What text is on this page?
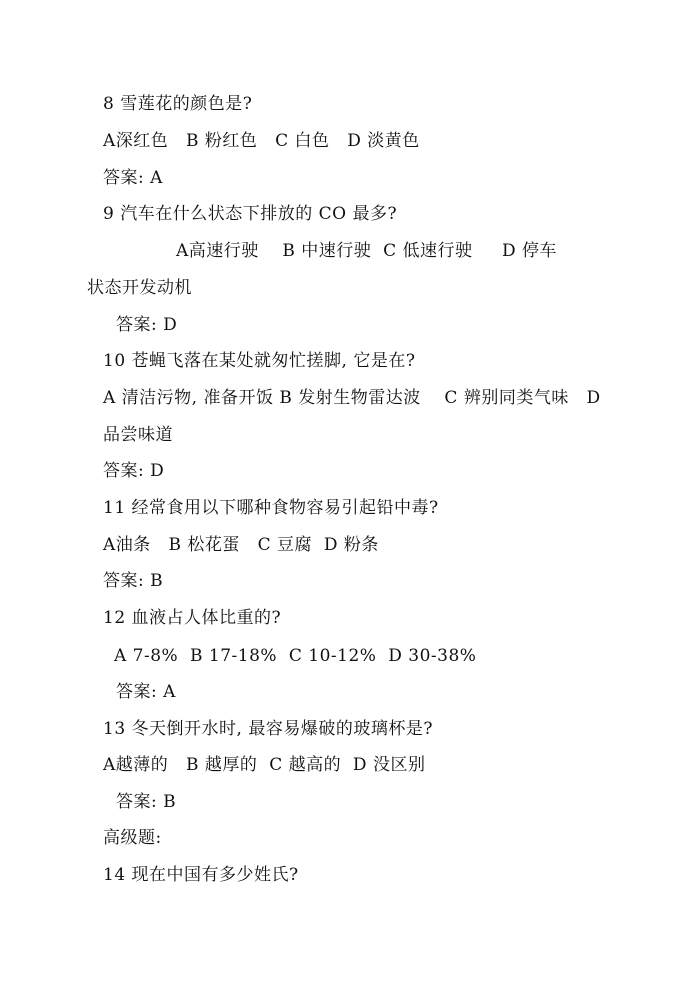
8 雪莲花的颜色是?
A深红色   B 粉红色   C 白色   D 淡黄色
答案: A
9 汽车在什么状态下排放的 CO 最多?
A高速行驶    B 中速行驶  C 低速行驶     D 停车
状态开发动机
答案: D
10 苍蝇飞落在某处就匆忙搓脚, 它是在?
A 清洁污物, 准备开饭 B 发射生物雷达波    C 辨别同类气味   D
品尝味道
答案: D
11 经常食用以下哪种食物容易引起铅中毒?
A油条   B 松花蛋   C 豆腐  D 粉条
答案: B
12 血液占人体比重的?
A 7-8%  B 17-18%  C 10-12%  D 30-38%
答案: A
13 冬天倒开水时, 最容易爆破的玻璃杯是?
A越薄的   B 越厚的  C 越高的  D 没区别
答案: B
高级题:
14 现在中国有多少姓氏?
